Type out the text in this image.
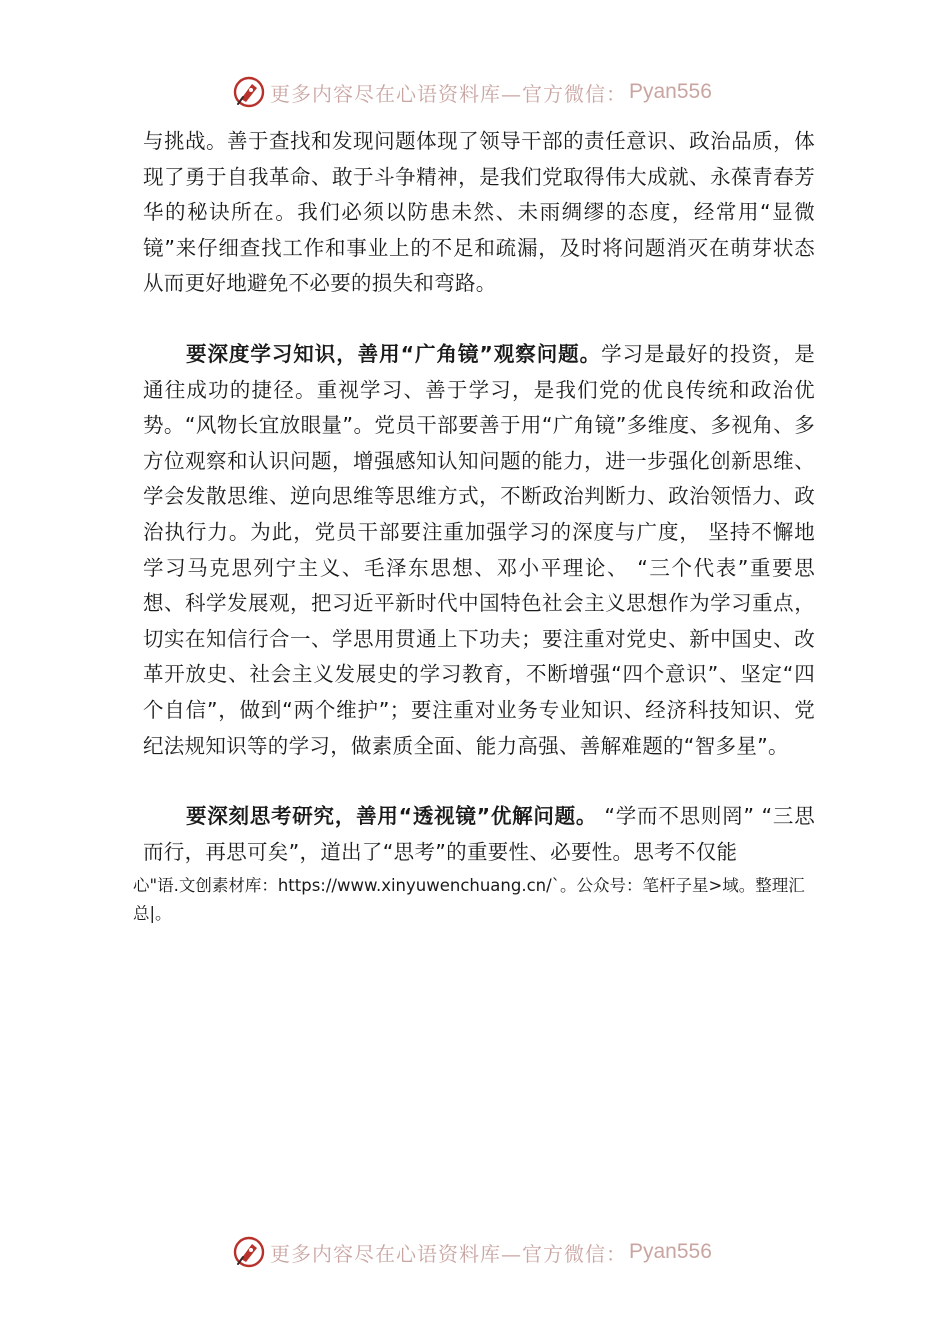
更多内容尽在心语资料库—官方微信： Pyan556

与挑战。善于查找和发现问题体现了领导干部的责任意识、政治品质，体现了勇于自我革命、敢于斗争精神，是我们党取得伟大成就、永葆青春芳华的秘诀所在。我们必须以防患未然、未雨绸缪的态度，经常用“显微镜”来仔细查找工作和事业上的不足和疏漏，及时将问题消灭在萌芽状态从而更好地避免不必要的损失和弯路。

要深度学习知识，善用“广角镜”观察问题。学习是最好的投资，是通往成功的捷径。重视学习、善于学习，是我们党的优良传统和政治优势。“风物长宜放眼量”。党员干部要善于用“广角镜”多维度、多视角、多方位观察和认识问题，增强感知认知问题的能力，进一步强化创新思维、学会发散思维、逆向思维等思维方式，不断政治判断力、政治领悟力、政治执行力。为此，党员干部要注重加强学习的深度与广度， 坚持不懈地学习马克思列宁主义、毛泽东思想、邓小平理论、 “三个代表”重要思想、科学发展观，把习近平新时代中国特色社会主义思想作为学习重点，切实在知信行合一、学思用贯通上下功夫；要注重对党史、新中国史、改革开放史、社会主义发展史的学习教育，不断增强“四个意识”、坚定“四个自信”，做到“两个维护”；要注重对业务专业知识、经济科技知识、党纪法规知识等的学习，做素质全面、能力高强、善解难题的“智多星”。

要深刻思考研究，善用“透视镜”优解问题。 “学而不思则罔” “三思而行，再思可矣”，道出了“思考”的重要性、必要性。思考不仅能

心"语.文创素材库：https://www.xinyuwenchuang.cn/`。公众号：笔杆子星>域。整理汇总|。

更多内容尽在心语资料库—官方微信： Pyan556
